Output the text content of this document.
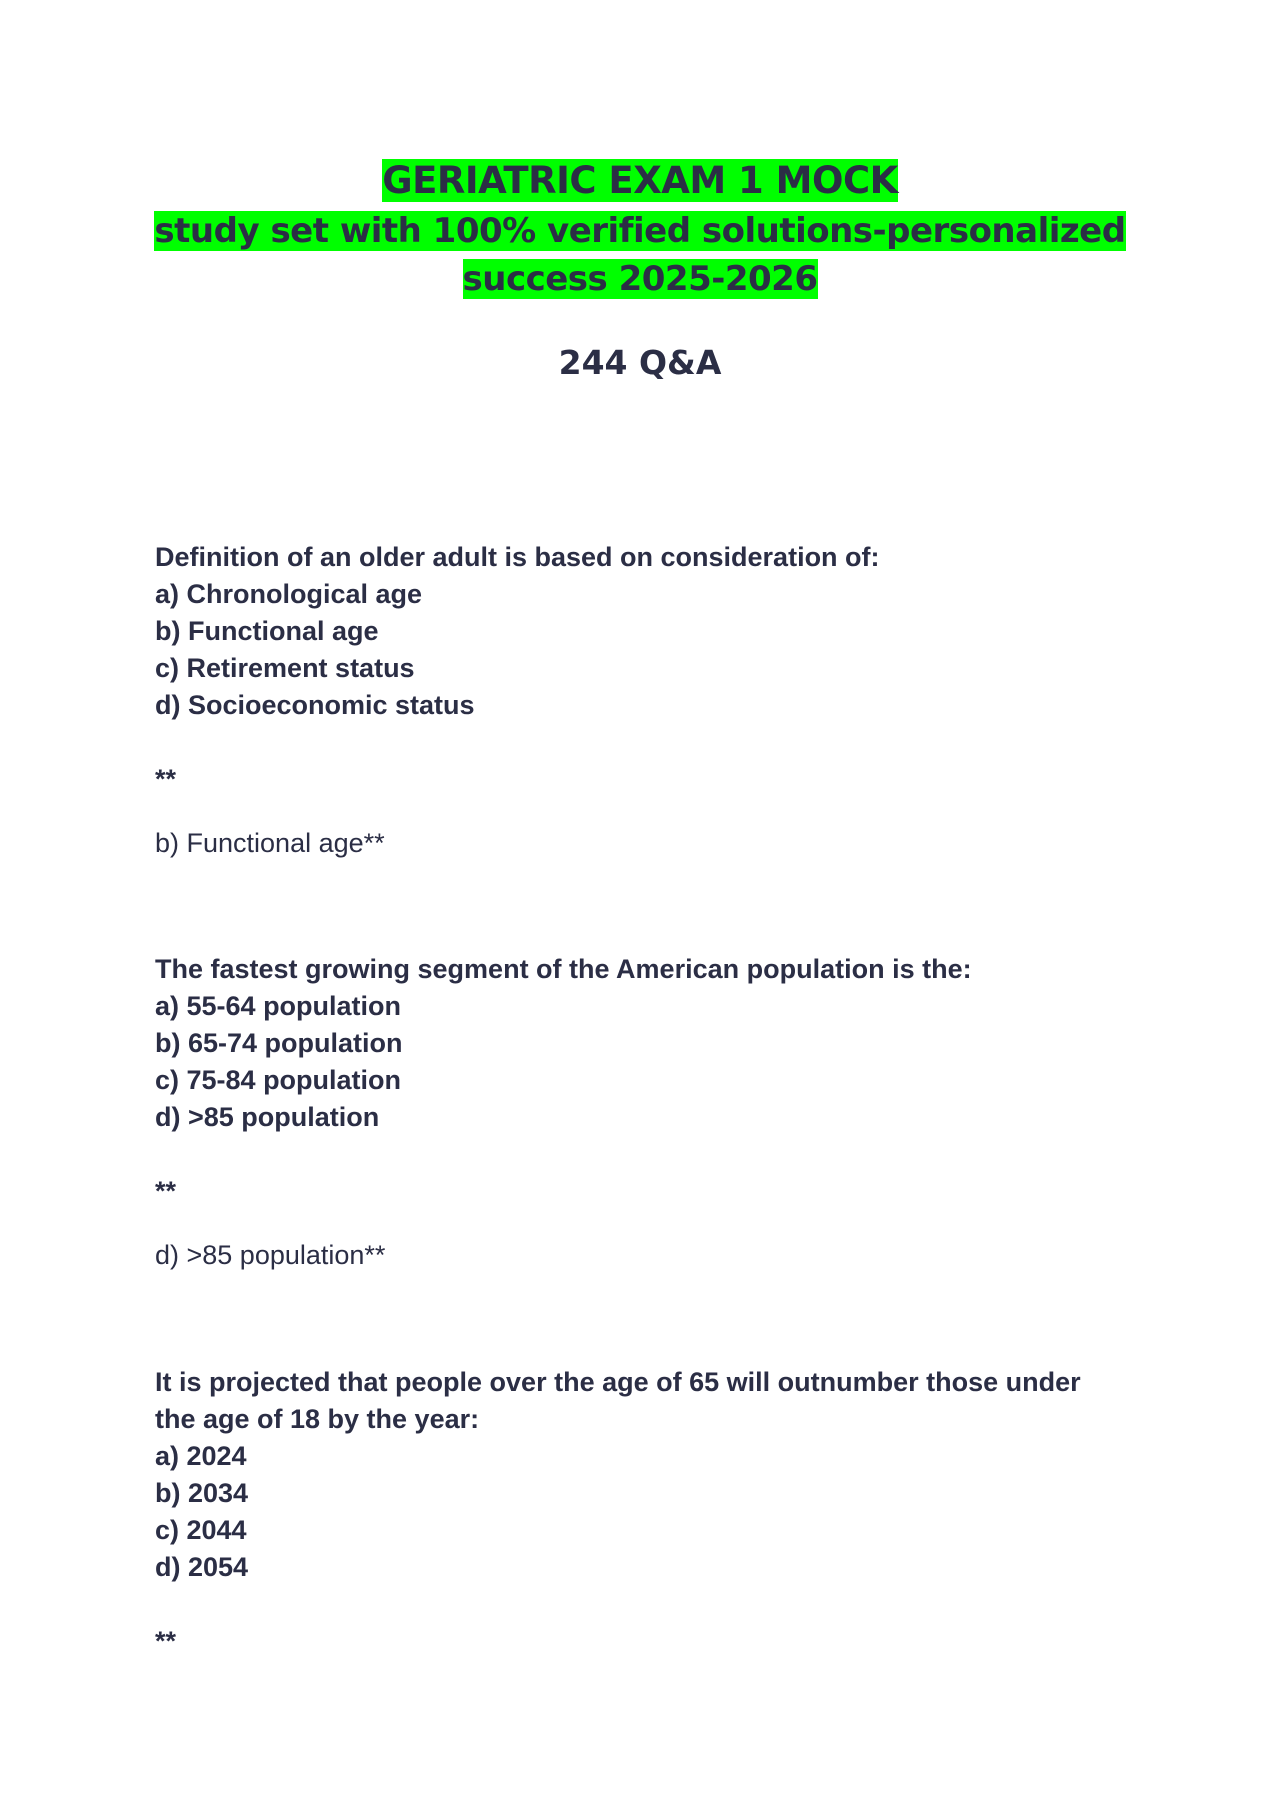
GERIATRIC EXAM 1 MOCK
study set with 100% verified solutions-personalized
success 2025-2026
244 Q&A
Definition of an older adult is based on consideration of:
a) Chronological age
b) Functional age
c) Retirement status
d) Socioeconomic status
**
b) Functional age**
The fastest growing segment of the American population is the:
a) 55-64 population
b) 65-74 population
c) 75-84 population
d) >85 population
**
d) >85 population**
It is projected that people over the age of 65 will outnumber those under
the age of 18 by the year:
a) 2024
b) 2034
c) 2044
d) 2054
**
